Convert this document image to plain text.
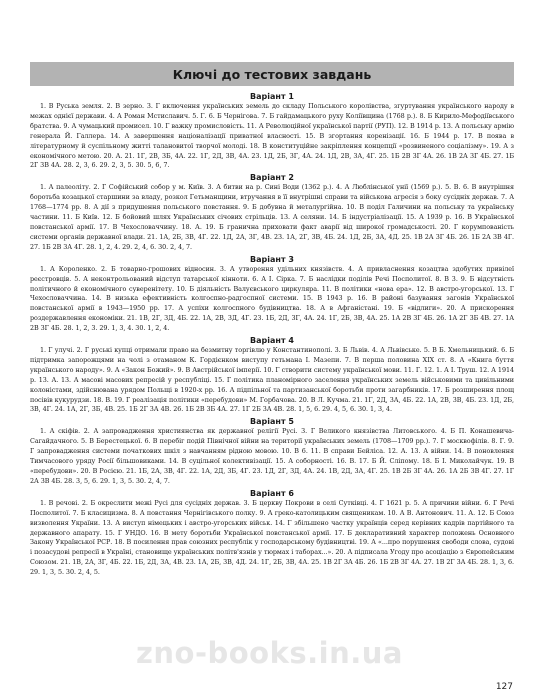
Ключі до тестових завдань

Варіант 1

1. В Руська земля. 2. В зерно. 3. Г включення українських земель до складу Польського королівства, згуртування українського народу в межах однієї держави. 4. А Роман Мстиславич. 5. Г. 6. Б Чернігова. 7. Б гайдамацького руху Коліївщина (1768 р.). 8. Б Кирило-Мефодіївського братства. 9. А чумацький промисел. 10. Г важку промисловість. 11. А Революційної української партії (РУП). 12. В 1914 р. 13. А польську армію генерала Й. Галлера. 14. А завершення націоналізації приватної власності. 15. В згортання коренізації. 16. Б 1944 р. 17. В поява в літературному й суспільному житті талановитої творчої молоді. 18. В конституційне закріплення концепції «розвиненого соціалізму». 19. А з економічного метою. 20. А. 21. 1Г, 2В, 3Б, 4А. 22. 1Г, 2Д, 3В, 4А. 23. 1Д, 2Б, 3Г, 4А. 24. 1Д, 2В, 3А, 4Г. 25. 1Б 2В 3Г 4А. 26. 1В 2А 3Г 4Б. 27. 1Б 2Г 3В 4А. 28. 2, 3, 6. 29. 2, 3, 5. 30. 5, 6, 7.

Варіант 2

1. А палеоліту. 2. Г Софійський собор у м. Київ. 3. А битви на р. Сині Води (1362 р.). 4. А Люблінської унії (1569 р.). 5. В. 6. В внутрішня боротьба козацької старшини за владу, розкол Гетьманщини, втручання в її внутрішні справи та військова агресія з боку сусідніх держав. 7. А 1768—1774 рр. 8. А дії з придушення польського повстання. 9. Б добувна й металургійна. 10. В поділ Галичини на польську та українську частини. 11. Б Київ. 12. Б бойовий шлях Українських січових стрільців. 13. А селяни. 14. Б індустріалізації. 15. А 1939 р. 16. В Української повстанської армії. 17. В Чехословаччину. 18. А. 19. Б гранична приховати факт аварії від широкої громадськості. 20. Г корумпованість системи органів державної влади. 21. 1А, 2Б, 3В, 4Г. 22. 1Д, 2А, 3Г, 4В. 23. 1А, 2Г, 3В, 4Б. 24. 1Д, 2Б, 3А, 4Д. 25. 1В 2А 3Г 4Б. 26. 1Б 2А 3В 4Г. 27. 1Б 2В 3А 4Г. 28. 1, 2, 4. 29. 2, 4, 6. 30. 2, 4, 7.

Варіант 3

1. А Короленко. 2. Б товарно-грошових відносин. 3. А утворення удільних князівств. 4. А привласнення козацтва здобутих привілеї реєстровців. 5. А неконтрольований відступ татарської кінноти. 6. А І. Сірка. 7. Б наслідки поділів Речі Посполитої. 8. В 3. 9. Б відсутність політичного й економічного суверенітету. 10. Б діяльність Валуєвського циркуляра. 11. В політики «нова ера». 12. В австро-угорської. 13. Г Чехословаччина. 14. В низька ефективність колгоспно-радгоспної системи. 15. В 1943 р. 16. В районі базування загонів Української повстанської армії в 1943—1950 рр. 17. А успіхи колгоспного будівництва. 18. А в Афганістані. 19. Б «відлиги». 20. А прискорення роздержавлення економіки. 21. 1В, 2Г, 3Д, 4Б. 22. 1А, 2В, 3Д, 4Г. 23. 1Б, 2Д, 3Г, 4А. 24. 1Г, 2Б, 3В, 4А. 25. 1А 2В 3Г 4Б. 26. 1А 2Г 3Б 4В. 27. 1А 2В 3Г 4Б. 28. 1, 2, 3. 29. 1, 3, 4. 30. 1, 2, 4.

Варіант 4

1. Г улучі. 2. Г руські купці отримали право на безмитну торгівлю у Константинополі. 3. Б Львів. 4. А Львівське. 5. В Б. Хмельницький. 6. Б підтримка запорожцями на чолі з отаманом К. Гордієнком виступу гетьмана І. Мазепи. 7. В перша половина XIX ст. 8. А «Книга буття українського народу». 9. А «Закон Божий». 9. В Австрійської імперії. 10. Г створити систему української мови. 11. Г. 12. 1. А І. Труш. 12. А 1914 р. 13. А. 13. А масові масових репресій у республіці. 15. Г політика планомірного заселення українських земель військовими та цивільними колоністами, здійснювана урядом Польщі в 1920-х рр. 16. А підпільної та партизанської боротьби проти загарбників. 17. Б розширення площ посівів кукурудзи. 18. В. 19. Г реалізація політики «перебудови» М. Горбачова. 20. В Л. Кучма. 21. 1Г, 2Д, 3А, 4Б. 22. 1А, 2В, 3В, 4Б. 23. 1Д, 2Б, 3В, 4Г. 24. 1А, 2Г, 3Б, 4В. 25. 1Б 2Г 3А 4В. 26. 1Б 2В 3Б 4А. 27. 1Г 2Б 3А 4В. 28. 1, 5, 6. 29. 4, 5, 6. 30. 1, 3, 4.

Варіант 5

1. А скіфів. 2. А запровадження християнства як державної релігії Русі. 3. Г Великого князівства Литовського. 4. Б П. Конашевича-Сагайдачного. 5. В Берестецької. 6. В перебіг подій Північної війни на території українських земель (1708—1709 рр.). 7. Г москвофілів. 8. Г. 9. Г запровадження системи початкових шкіл з навчанням рідною мовою. 10. В 6. 11. В справи Бейліса. 12. А. 13. А війни. 14. В поновлення Тимчасового уряду Росії більшовиками. 14. В суцільної колективізації. 15. А соборності. 16. В. 17. Б Й. Сліпому. 18. Б І. Миколайчук. 19. В «перебудови». 20. В Росією. 21. 1Б, 2А, 3В, 4Г. 22. 1А, 2Д, 3Б, 4Г. 23. 1Д, 2Г, 3Д, 4А. 24. 1В, 2Д, 3А, 4Г. 25. 1В 2Б 3Г 4А. 26. 1А 2Б 3В 4Г. 27. 1Г 2А 3В 4Б. 28. 3, 5, 6. 29. 1, 3, 5. 30. 2, 4, 7.

Варіант 6

1. В речові. 2. Б окреслити межі Русі для сусідніх держав. 3. Б церкву Покрови в селі Сутківці. 4. Г 1621 р. 5. А причини війни. 6. Г Речі Посполитої. 7. Б класицизма. 8. А повстання Чернігівського полку. 9. А греко-католицьким священикам. 10. А В. Антонович. 11. А. 12. Б Союз визволення України. 13. А виступ німецьких і австро-угорських військ. 14. Г збільшено частку українців серед керівних кадрів партійного та державного апарату. 15. Г УНДО. 16. В мету боротьби Української повстанської армії. 17. Б декларативний характер положень Основного Закону Української РСР. 18. В посилення прав союзних республік у господарському будівництві. 19. А «...про порушення свободи слова, судові і позасудові репресії в Україні, становище українських політв'язнів у тюрмах і таборах...». 20. А підписала Угоду про асоціацію з Європейським Союзом. 21. 1В, 2А, 3Г, 4Б. 22. 1Б, 2Д, 3А, 4В. 23. 1А, 2Б, 3В, 4Д. 24. 1Г, 2Б, 3В, 4А. 25. 1В 2Г 3А 4Б. 26. 1Б 2В 3Г 4А. 27. 1В 2Г 3А 4Б. 28. 1, 3, 6. 29. 1, 3, 5. 30. 2, 4, 5.

zno-books.in.ua
127
